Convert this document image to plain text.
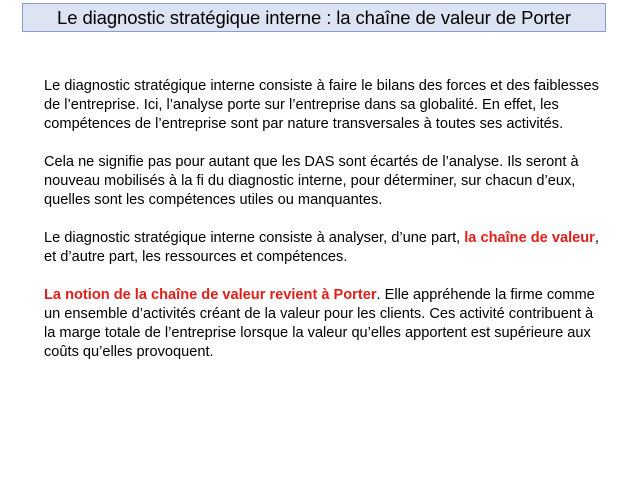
Le diagnostic stratégique interne : la chaîne de valeur de Porter

Le diagnostic stratégique interne consiste à faire le bilans des forces et des faiblesses de l’entreprise. Ici, l’analyse porte sur l’entreprise dans sa globalité. En effet, les compétences de l’entreprise sont par nature transversales à toutes ses activités.

Cela ne signifie pas pour autant que les DAS sont écartés de l’analyse. Ils seront à nouveau mobilisés à la fi du diagnostic interne, pour déterminer, sur chacun d’eux, quelles sont les compétences utiles ou manquantes.

Le diagnostic stratégique interne consiste à analyser, d’une part, la chaîne de valeur, et d’autre part, les ressources et compétences.

La notion de la chaîne de valeur revient à Porter. Elle appréhende la firme comme un ensemble d’activités créant de la valeur pour les clients. Ces activité contribuent à la marge totale de l’entreprise lorsque la valeur qu’elles apportent est supérieure aux coûts qu’elles provoquent.
